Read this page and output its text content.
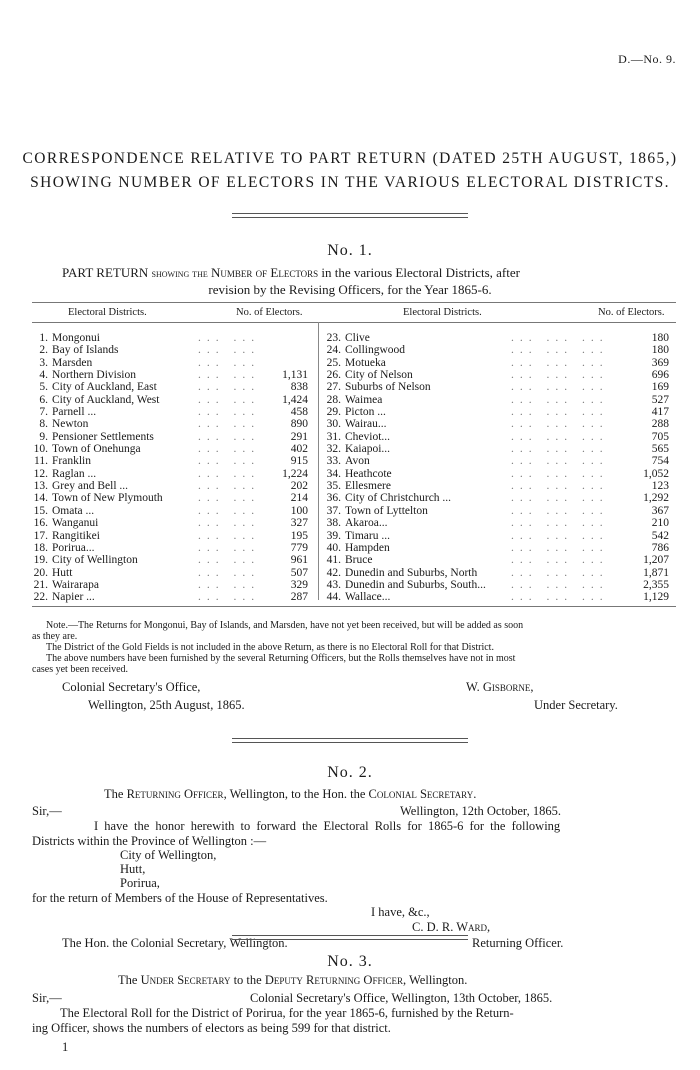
D.—No. 9.
CORRESPONDENCE RELATIVE TO PART RETURN (DATED 25TH AUGUST, 1865,)
SHOWING NUMBER OF ELECTORS IN THE VARIOUS ELECTORAL DISTRICTS.
No. 1.
PART RETURN showing the Number of Electors in the various Electoral Districts, after
revision by the Revising Officers, for the Year 1865-6.
Electoral Districts.	No. of Electors.	Electoral Districts.	No. of Electors.
1. Mongonui	... ...
2. Bay of Islands	... ...
3. Marsden	... ...
4. Northern Division	... ... 1,131
5. City of Auckland, East	... ...	838
6. City of Auckland, West	... ... 1,424
7. Parnell ...	... ...	458
8. Newton	... ...	890
9. Pensioner Settlements	... ...	291
10. Town of Onehunga	... ...	402
11. Franklin	... ...	915
12. Raglan ...	... ... 1,224
13. Grey and Bell ...	... ...	202
14. Town of New Plymouth	... ...	214
15. Omata ...	... ...	100
16. Wanganui	... ...	327
17. Rangitikei	... ...	195
18. Porirua...	... ...	779
19. City of Wellington	... ...	961
20. Hutt	... ...	507
21. Wairarapa	... ...	329
22. Napier ...	... ...	287
23. Clive	... ... ...	180
24. Collingwood	... ... ...	180
25. Motueka	... ... ...	369
26. City of Nelson	... ... ...	696
27. Suburbs of Nelson	... ... ...	169
28. Waimea	... ... ...	527
29. Picton ...	... ... ...	417
30. Wairau...	... ... ...	288
31. Cheviot...	... ... ...	705
32. Kaiapoi...	... ... ...	565
33. Avon	... ... ...	754
34. Heathcote	... ... ...	1,052
35. Ellesmere	... ... ...	123
36. City of Christchurch ...	... ... ...	1,292
37. Town of Lyttelton	... ... ...	367
38. Akaroa...	... ... ...	210
39. Timaru ...	... ... ...	542
40. Hampden	... ... ...	786
41. Bruce	... ... ...	1,207
42. Dunedin and Suburbs, North	... ... ...	1,871
43. Dunedin and Suburbs, South... ... ... ...	2,355
44. Wallace...	... ... ...	1,129
Note.—The Returns for Mongonui, Bay of Islands, and Marsden, have not yet been received, but will be added as soon
as they are.
The District of the Gold Fields is not included in the above Return, as there is no Electoral Roll for that District.
The above numbers have been furnished by the several Returning Officers, but the Rolls themselves have not in most
cases yet been received.
Colonial Secretary's Office,
Wellington, 25th August, 1865.
W. Gisborne,
Under Secretary.
No. 2.
The Returning Officer, Wellington, to the Hon. the Colonial Secretary.
Sir,—	Wellington, 12th October, 1865.
I have the honor herewith to forward the Electoral Rolls for 1865-6 for the following
Districts within the Province of Wellington :—
City of Wellington,
Hutt,
Porirua,
for the return of Members of the House of Representatives.
I have, &c.,
C. D. R. Ward,
The Hon. the Colonial Secretary, Wellington.	Returning Officer.
No. 3.
The Under Secretary to the Deputy Returning Officer, Wellington.
Sir,—	Colonial Secretary's Office, Wellington, 13th October, 1865.
The Electoral Roll for the District of Porirua, for the year 1865-6, furnished by the Return-
ing Officer, shows the numbers of electors as being 599 for that district.
1
